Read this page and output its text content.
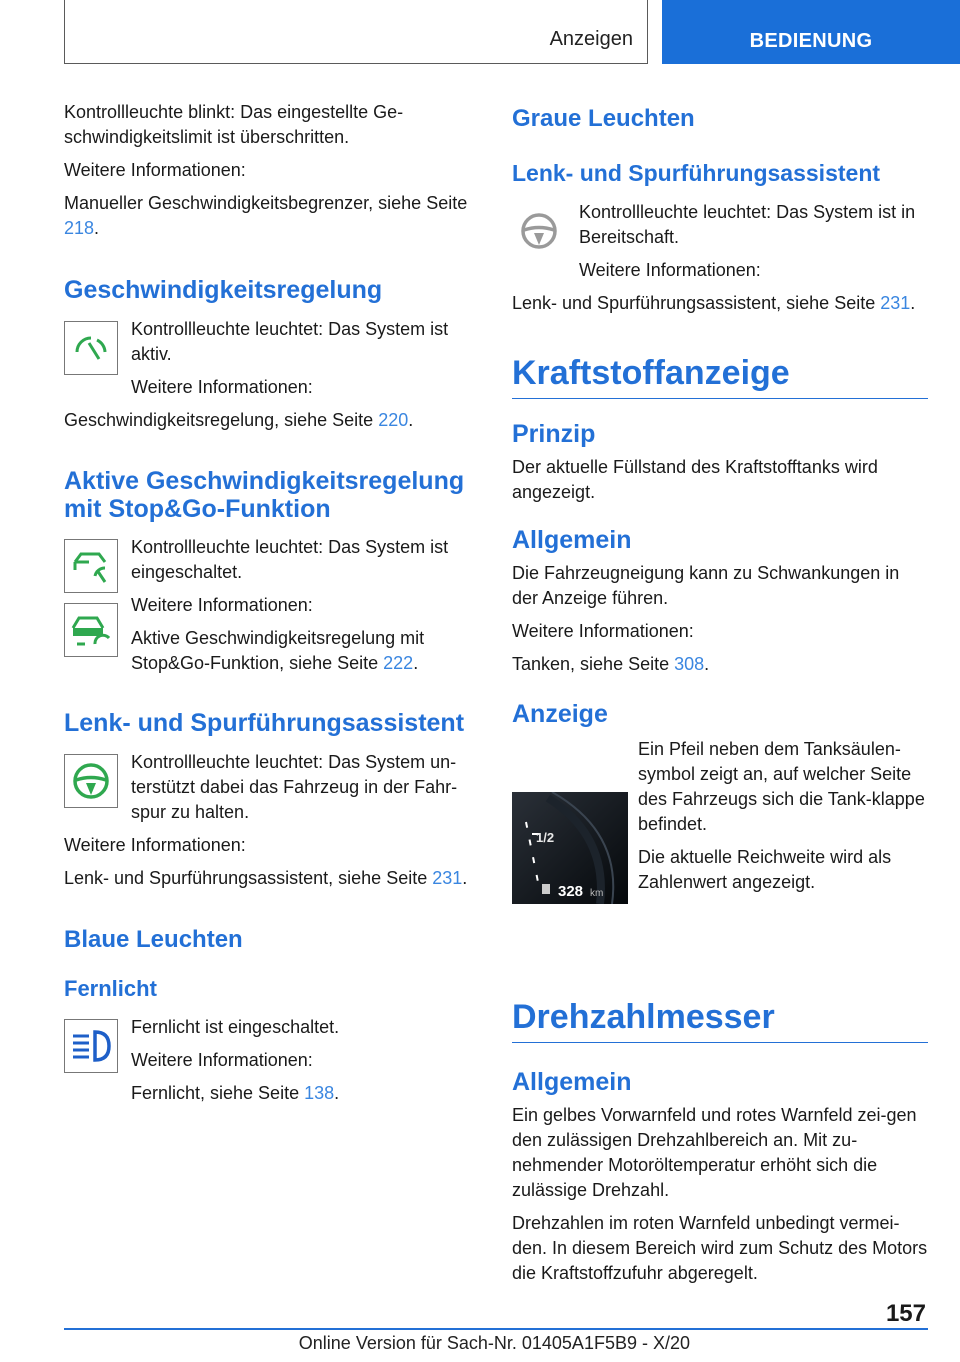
Anzeigen	BEDIENUNG

Kontrollleuchte blinkt: Das eingestellte Ge-schwindigkeitslimit ist überschritten.

Weitere Informationen:

Manueller Geschwindigkeitsbegrenzer, siehe Seite 218.

Geschwindigkeitsregelung

Kontrollleuchte leuchtet: Das System ist aktiv.

Weitere Informationen:

Geschwindigkeitsregelung, siehe Seite 220.

Aktive Geschwindigkeitsregelung mit Stop&Go-Funktion

Kontrollleuchte leuchtet: Das System ist eingeschaltet.

Weitere Informationen:

Aktive Geschwindigkeitsregelung mit Stop&Go-Funktion, siehe Seite 222.

Lenk- und Spurführungsassistent

Kontrollleuchte leuchtet: Das System un-terstützt dabei das Fahrzeug in der Fahr-spur zu halten.

Weitere Informationen:

Lenk- und Spurführungsassistent, siehe Seite 231.

Blaue Leuchten
Fernlicht

Fernlicht ist eingeschaltet.

Weitere Informationen:

Fernlicht, siehe Seite 138.

Graue Leuchten
Lenk- und Spurführungsassistent

Kontrollleuchte leuchtet: Das System ist in Bereitschaft.

Weitere Informationen:

Lenk- und Spurführungsassistent, siehe Seite 231.

Kraftstoffanzeige
Prinzip

Der aktuelle Füllstand des Kraftstofftanks wird angezeigt.

Allgemein

Die Fahrzeugneigung kann zu Schwankungen in der Anzeige führen.

Weitere Informationen:

Tanken, siehe Seite 308.

Anzeige

Ein Pfeil neben dem Tanksäulen-symbol zeigt an, auf welcher Seite des Fahrzeugs sich die Tank-klappe befindet.

Die aktuelle Reichweite wird als Zahlenwert angezeigt.

1/2
328 km
Drehzahlmesser
Allgemein

Ein gelbes Vorwarnfeld und rotes Warnfeld zei-gen den zulässigen Drehzahlbereich an. Mit zu-nehmender Motoröltemperatur erhöht sich die zulässige Drehzahl.

Drehzahlen im roten Warnfeld unbedingt vermei-den. In diesem Bereich wird zum Schutz des Motors die Kraftstoffzufuhr abgeregelt.

157
Online Version für Sach-Nr. 01405A1F5B9 - X/20
